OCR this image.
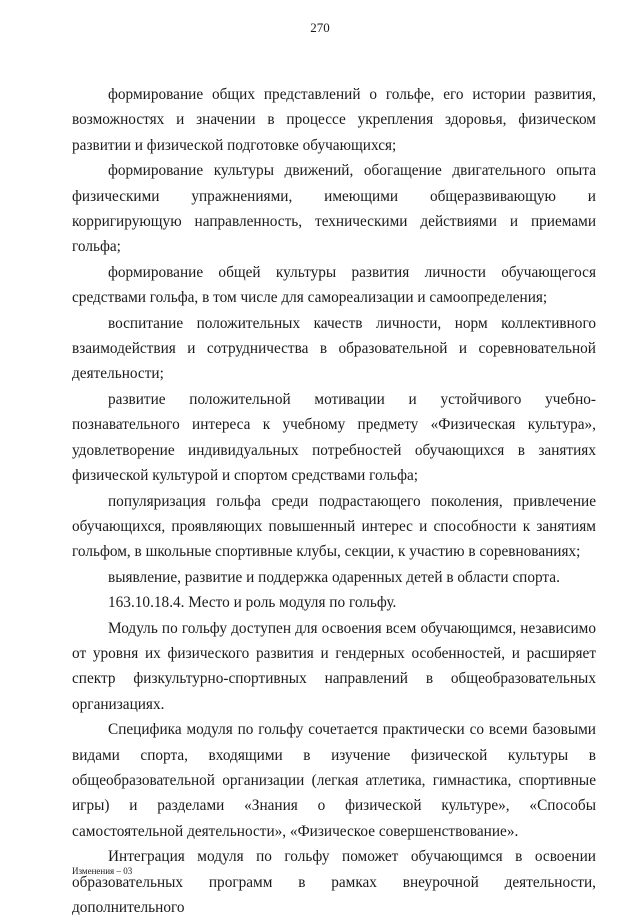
270

формирование общих представлений о гольфе, его истории развития, возможностях и значении в процессе укрепления здоровья, физическом развитии и физической подготовке обучающихся;

формирование культуры движений, обогащение двигательного опыта физическими упражнениями, имеющими общеразвивающую и корригирующую направленность, техническими действиями и приемами гольфа;

формирование общей культуры развития личности обучающегося средствами гольфа, в том числе для самореализации и самоопределения;

воспитание положительных качеств личности, норм коллективного взаимодействия и сотрудничества в образовательной и соревновательной деятельности;

развитие положительной мотивации и устойчивого учебно-познавательного интереса к учебному предмету «Физическая культура», удовлетворение индивидуальных потребностей обучающихся в занятиях физической культурой и спортом средствами гольфа;

популяризация гольфа среди подрастающего поколения, привлечение обучающихся, проявляющих повышенный интерес и способности к занятиям гольфом, в школьные спортивные клубы, секции, к участию в соревнованиях;

выявление, развитие и поддержка одаренных детей в области спорта.

163.10.18.4. Место и роль модуля по гольфу.

Модуль по гольфу доступен для освоения всем обучающимся, независимо от уровня их физического развития и гендерных особенностей, и расширяет спектр физкультурно-спортивных направлений в общеобразовательных организациях.

Специфика модуля по гольфу сочетается практически со всеми базовыми видами спорта, входящими в изучение физической культуры в общеобразовательной организации (легкая атлетика, гимнастика, спортивные игры) и разделами «Знания о физической культуре», «Способы самостоятельной деятельности», «Физическое совершенствование».

Интеграция модуля по гольфу поможет обучающимся в освоении образовательных программ в рамках внеурочной деятельности, дополнительного

Изменения – 03
